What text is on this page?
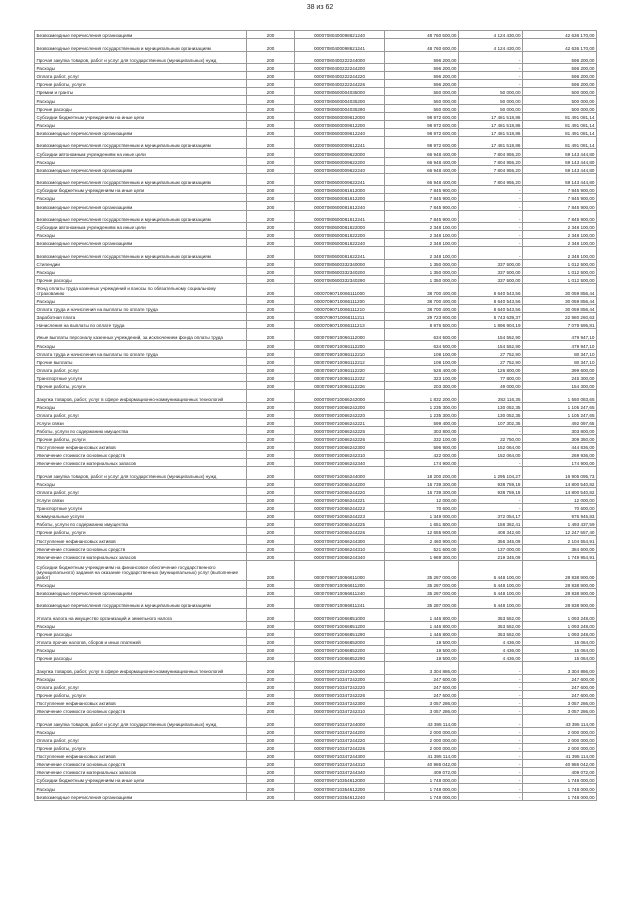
38 из 62
Безвозмездные перечисления организациям	200	00007080400098621240	48 760 600,00	4 124 430,00	42 636 170,00
Безвозмездные перечисления государственным и муниципальным организациям	200	00007080400098621241	48 760 600,00	4 124 430,00	42 636 170,00
Прочая закупка товаров, работ и услуг для государственных (муниципальных) нужд	200	00007080400222244000	596 200,00	-	596 200,00
Расходы	200	00007080400222244200	596 200,00	-	596 200,00
Оплата работ, услуг	200	00007080400222244220	596 200,00	-	596 200,00
Прочие работы, услуги	200	00007080400222244226	596 200,00	-	596 200,00
Премии и гранты	200	00007080600004035000	550 000,00	50 000,00	500 000,00
Расходы	200	00007080600004035200	550 000,00	50 000,00	500 000,00
Прочие расходы	200	00007080600004035290	550 000,00	50 000,00	500 000,00
Субсидии бюджетным учреждениям на иные цели	200	00007080600009612000	98 972 600,00	17 481 518,86	81 491 081,14
Расходы	200	00007080600009612200	98 972 600,00	17 481 518,86	81 491 081,14
Безвозмездные перечисления организациям	200	00007080600009612240	98 972 600,00	17 481 518,86	81 491 081,14
Безвозмездные перечисления государственным и муниципальным организациям	200	00007080600009612241	98 972 600,00	17 481 518,86	81 491 081,14
Субсидии автономным учреждениям на иные цели	200	00007080600009622000	66 948 400,00	7 804 955,20	59 143 444,80
Расходы	200	00007080600009622200	66 948 400,00	7 804 955,20	59 143 444,80
Безвозмездные перечисления организациям	200	00007080600009622240	66 948 400,00	7 804 955,20	59 143 444,80
Безвозмездные перечисления государственным и муниципальным организациям	200	00007080600009622241	66 948 400,00	7 804 955,20	59 143 444,80
Субсидии бюджетным учреждениям на иные цели	200	00007080600081612000	7 845 900,00	-	7 845 900,00
Расходы	200	00007080600081612200	7 845 900,00	-	7 845 900,00
Безвозмездные перечисления организациям	200	00007080600081612240	7 845 900,00	-	7 845 900,00
Безвозмездные перечисления государственным и муниципальным организациям	200	00007080600081612241	7 845 900,00	-	7 845 900,00
Субсидии автономным учреждениям на иные цели	200	00007080600081622000	2 348 100,00	-	2 348 100,00
Расходы	200	00007080600081622200	2 348 100,00	-	2 348 100,00
Безвозмездные перечисления организациям	200	00007080600081622240	2 348 100,00	-	2 348 100,00
Безвозмездные перечисления государственным и муниципальным организациям	200	00007080600081622241	2 348 100,00	-	2 348 100,00
Стипендии	200	00007080600332340000	1 350 000,00	337 500,00	1 012 500,00
Расходы	200	00007080600332340200	1 350 000,00	337 500,00	1 012 500,00
Прочие расходы	200	00007080600332340290	1 350 000,00	337 500,00	1 012 500,00
Фонд оплаты труда казенных учреждений и взносы по обязательному социальному страхованию	200	00007090710066111000	38 700 400,00	8 640 543,56	30 059 856,44
Расходы	200	00007090710066111200	38 700 400,00	8 640 543,56	30 059 856,44
Оплата труда и начисления на выплаты по оплате труда	200	00007090710066111210	38 700 400,00	8 640 543,56	30 059 856,44
Заработная плата	200	00007090710066111211	29 723 900,00	6 743 639,37	22 980 260,63
Начисления на выплаты по оплате труда	200	00007090710066111213	8 976 500,00	1 896 904,19	7 079 595,81
Иные выплаты персоналу казенных учреждений, за исключением фонда оплаты труда	200	00007090710066112000	634 500,00	154 552,90	479 947,10
Расходы	200	00007090710066112200	634 500,00	154 552,90	479 947,10
Оплата труда и начисления на выплаты по оплате труда	200	00007090710066112210	108 100,00	27 752,90	80 347,10
Прочие выплаты	200	00007090710066112212	108 100,00	27 752,90	80 347,10
Оплата работ, услуг	200	00007090710066112220	526 400,00	126 800,00	399 600,00
Транспортные услуги	200	00007090710066112222	323 100,00	77 800,00	245 300,00
Прочие работы, услуги	200	00007090710066112226	203 300,00	49 000,00	154 300,00
Закупка товаров, работ, услуг в сфере информационно-коммуникационных технологий	200	00007090710066242000	1 832 200,00	282 116,35	1 550 083,65
Расходы	200	00007090710066242200	1 235 300,00	130 052,35	1 105 247,65
Оплата работ, услуг	200	00007090710066242220	1 235 300,00	130 052,35	1 105 247,65
Услуги связи	200	00007090710066242221	599 400,00	107 302,35	492 097,65
Работы, услуги по содержанию имущества	200	00007090710066242225	303 800,00	-	303 800,00
Прочие работы, услуги	200	00007090710066242226	332 100,00	22 750,00	309 350,00
Поступление нефинансовых активов	200	00007090710066242300	596 900,00	152 064,00	444 836,00
Увеличение стоимости основных средств	200	00007090710066242310	422 000,00	152 064,00	269 936,00
Увеличение стоимости материальных запасов	200	00007090710066242340	174 900,00	-	174 900,00
Прочая закупка товаров, работ и услуг для государственных (муниципальных) нужд	200	00007090710066244000	18 200 200,00	1 295 104,27	16 905 095,73
Расходы	200	00007090710066244200	15 739 300,00	938 759,18	14 800 540,82
Оплата работ, услуг	200	00007090710066244220	15 739 300,00	938 759,18	14 800 540,82
Услуги связи	200	00007090710066244221	12 000,00	-	12 000,00
Транспортные услуги	200	00007090710066244222	70 600,00	-	70 600,00
Коммунальные услуги	200	00007090710066244223	1 349 000,00	372 054,17	976 945,83
Работы, услуги по содержанию имущества	200	00007090710066244225	1 651 800,00	158 362,41	1 493 437,59
Прочие работы, услуги	200	00007090710066244226	12 655 900,00	408 342,60	12 247 557,40
Поступление нефинансовых активов	200	00007090710066244300	2 460 900,00	356 345,09	2 104 554,91
Увеличение стоимости основных средств	200	00007090710066244310	521 600,00	137 000,00	384 600,00
Увеличение стоимости материальных запасов	200	00007090710066244340	1 969 300,00	219 345,09	1 749 954,91
Субсидии бюджетным учреждениям на финансовое обеспечение государственного (муниципального) задания на оказание государственных (муниципальных) услуг (выполнение работ)	200	00007090710066611000	35 287 000,00	6 448 100,00	28 838 900,00
Расходы	200	00007090710066611200	35 287 000,00	6 448 100,00	28 838 900,00
Безвозмездные перечисления организациям	200	00007090710066611240	35 287 000,00	6 448 100,00	28 838 900,00
Безвозмездные перечисления государственным и муниципальным организациям	200	00007090710066611241	35 287 000,00	6 448 100,00	28 838 900,00
Уплата налога на имущество организаций и земельного налога	200	00007090710066851000	1 446 800,00	353 552,00	1 093 248,00
Расходы	200	00007090710066851200	1 446 800,00	353 552,00	1 093 248,00
Прочие расходы	200	00007090710066851290	1 446 800,00	353 552,00	1 093 248,00
Уплата прочих налогов, сборов и иных платежей	200	00007090710066852000	19 500,00	4 436,00	15 064,00
Расходы	200	00007090710066852200	19 500,00	4 436,00	15 064,00
Прочие расходы	200	00007090710066852290	19 500,00	4 436,00	15 064,00
Закупка товаров, работ, услуг в сфере информационно-коммуникационных технологий	200	00007090710347242000	3 304 886,00	-	3 304 886,00
Расходы	200	00007090710347242200	247 600,00	-	247 600,00
Оплата работ, услуг	200	00007090710347242220	247 600,00	-	247 600,00
Прочие работы, услуги	200	00007090710347242226	247 600,00	-	247 600,00
Поступление нефинансовых активов	200	00007090710347242300	3 057 286,00	-	3 057 286,00
Увеличение стоимости основных средств	200	00007090710347242310	3 057 286,00	-	3 057 286,00
Прочая закупка товаров, работ и услуг для государственных (муниципальных) нужд	200	00007090710347244000	43 395 114,00	-	43 395 114,00
Расходы	200	00007090710347244200	2 000 000,00	-	2 000 000,00
Оплата работ, услуг	200	00007090710347244220	2 000 000,00	-	2 000 000,00
Прочие работы, услуги	200	00007090710347244226	2 000 000,00	-	2 000 000,00
Поступление нефинансовых активов	200	00007090710347244300	41 395 114,00	-	41 395 114,00
Увеличение стоимости основных средств	200	00007090710347244310	40 986 042,00	-	40 986 042,00
Увеличение стоимости материальных запасов	200	00007090710347244340	409 072,00	-	409 072,00
Субсидии бюджетным учреждениям на иные цели	200	00007090710354612000	1 748 000,00	-	1 748 000,00
Расходы	200	00007090710354612200	1 748 000,00	-	1 748 000,00
Безвозмездные перечисления организациям	200	00007090710354612240	1 748 000,00	-	1 748 000,00
